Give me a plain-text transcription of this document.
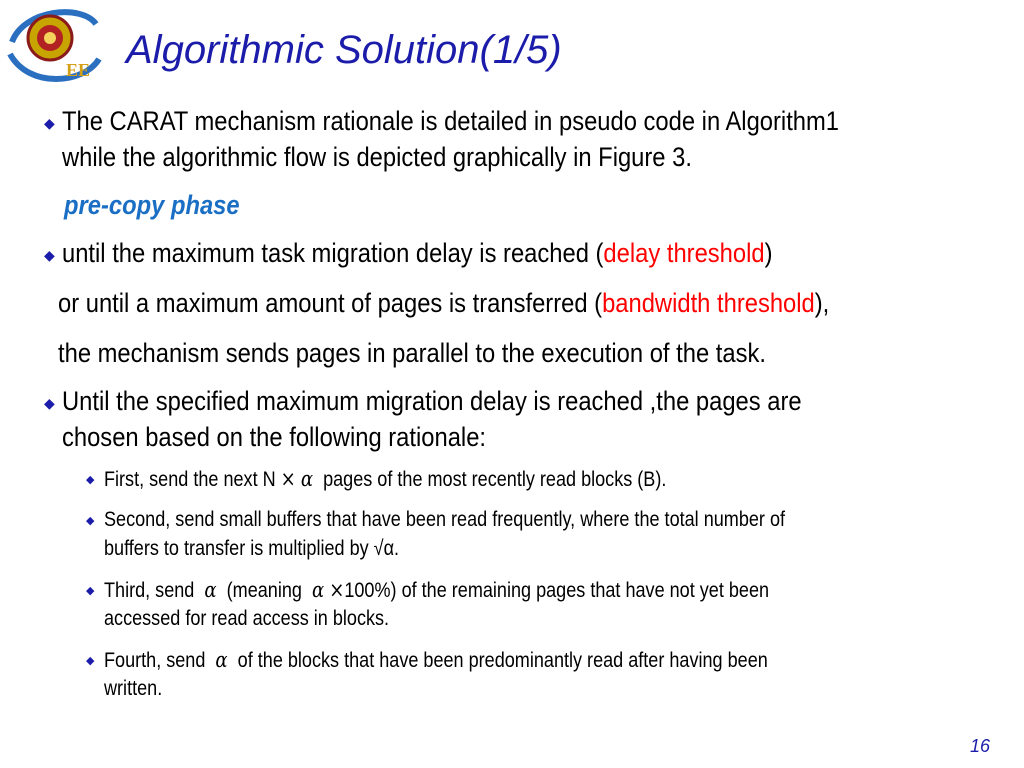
EE Algorithmic Solution(1/5)
◆ The CARAT mechanism rationale is detailed in pseudo code in Algorithm1
while the algorithmic flow is depicted graphically in Figure 3.
pre-copy phase
◆ until the maximum task migration delay is reached (delay threshold)
or until a maximum amount of pages is transferred (bandwidth threshold),
the mechanism sends pages in parallel to the execution of the task.
◆ Until the specified maximum migration delay is reached ,the pages are
chosen based on the following rationale:
◆ First, send the next N × α pages of the most recently read blocks (B).
◆ Second, send small buffers that have been read frequently, where the total number of
buffers to transfer is multiplied by √α.
◆ Third, send α (meaning α ×100%) of the remaining pages that have not yet been
accessed for read access in blocks.
◆ Fourth, send α of the blocks that have been predominantly read after having been
written.
16
